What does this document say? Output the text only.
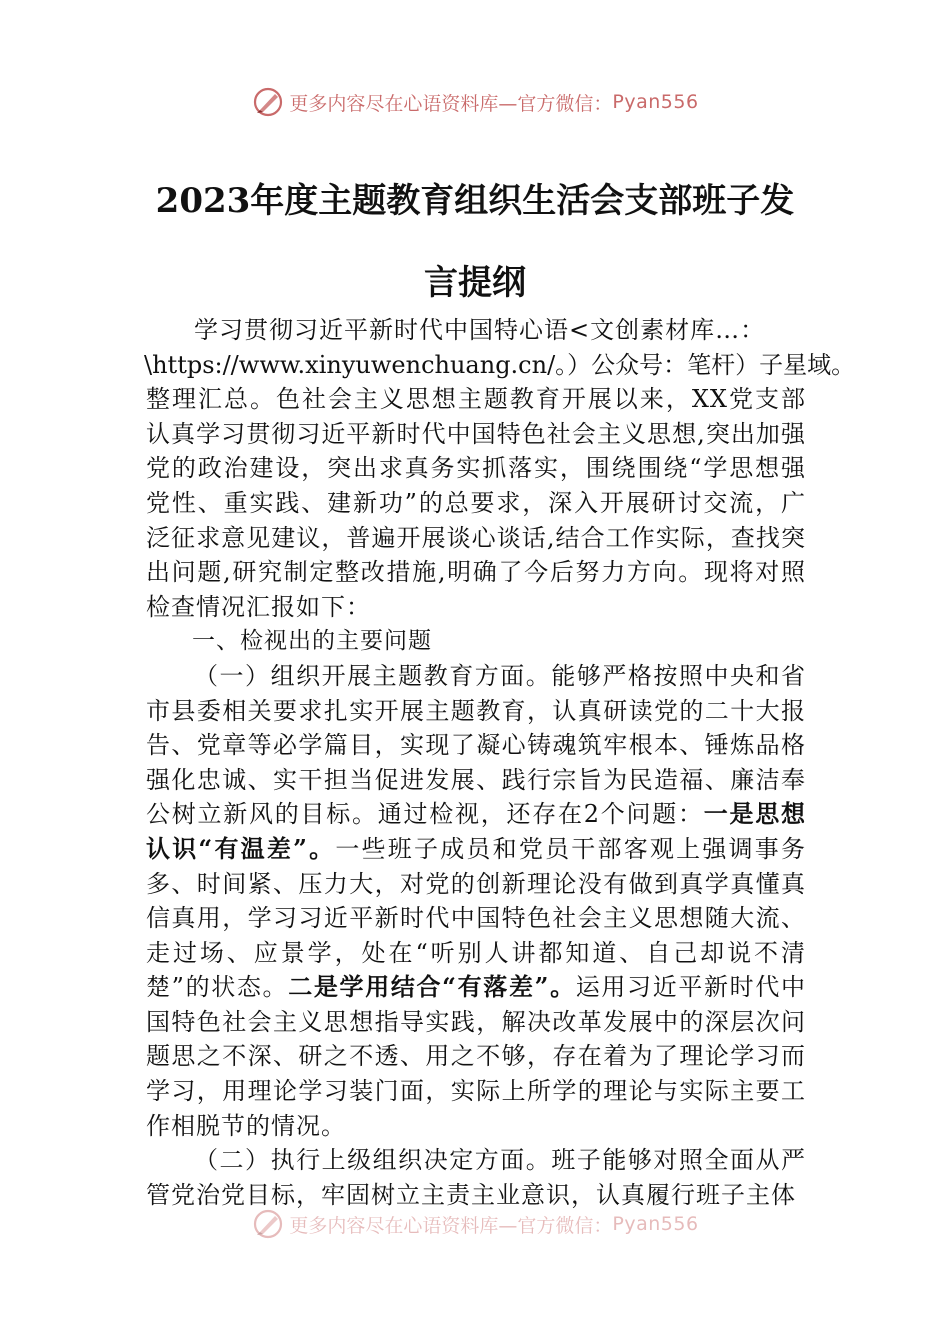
更多内容尽在心语资料库—官方微信： Pyan556
2023年度主题教育组织生活会支部班子发
言提纲

学习贯彻习近平新时代中国特心语<文创素材库…：

\https://www.xinyuwenchuang.cn/。）公众号：笔杆）子星域。

整理汇总。色社会主义思想主题教育开展以来，XX党支部认真学习贯彻习近平新时代中国特色社会主义思想,突出加强党的政治建设，突出求真务实抓落实，围绕围绕“学思想强党性、重实践、建新功”的总要求，深入开展研讨交流，广泛征求意见建议，普遍开展谈心谈话,结合工作实际，查找突出问题,研究制定整改措施,明确了今后努力方向。现将对照检查情况汇报如下：

一、检视出的主要问题

（一）组织开展主题教育方面。能够严格按照中央和省市县委相关要求扎实开展主题教育，认真研读党的二十大报告、党章等必学篇目，实现了凝心铸魂筑牢根本、锤炼品格强化忠诚、实干担当促进发展、践行宗旨为民造福、廉洁奉公树立新风的目标。通过检视，还存在2个问题：一是思想认识“有温差”。一些班子成员和党员干部客观上强调事务多、时间紧、压力大，对党的创新理论没有做到真学真懂真信真用，学习习近平新时代中国特色社会主义思想随大流、走过场、应景学，处在“听别人讲都知道、自己却说不清楚”的状态。二是学用结合“有落差”。运用习近平新时代中国特色社会主义思想指导实践，解决改革发展中的深层次问题思之不深、研之不透、用之不够，存在着为了理论学习而学习，用理论学习装门面，实际上所学的理论与实际主要工作相脱节的情况。

（二）执行上级组织决定方面。班子能够对照全面从严管党治党目标，牢固树立主责主业意识，认真履行班子主体

更多内容尽在心语资料库—官方微信： Pyan556
